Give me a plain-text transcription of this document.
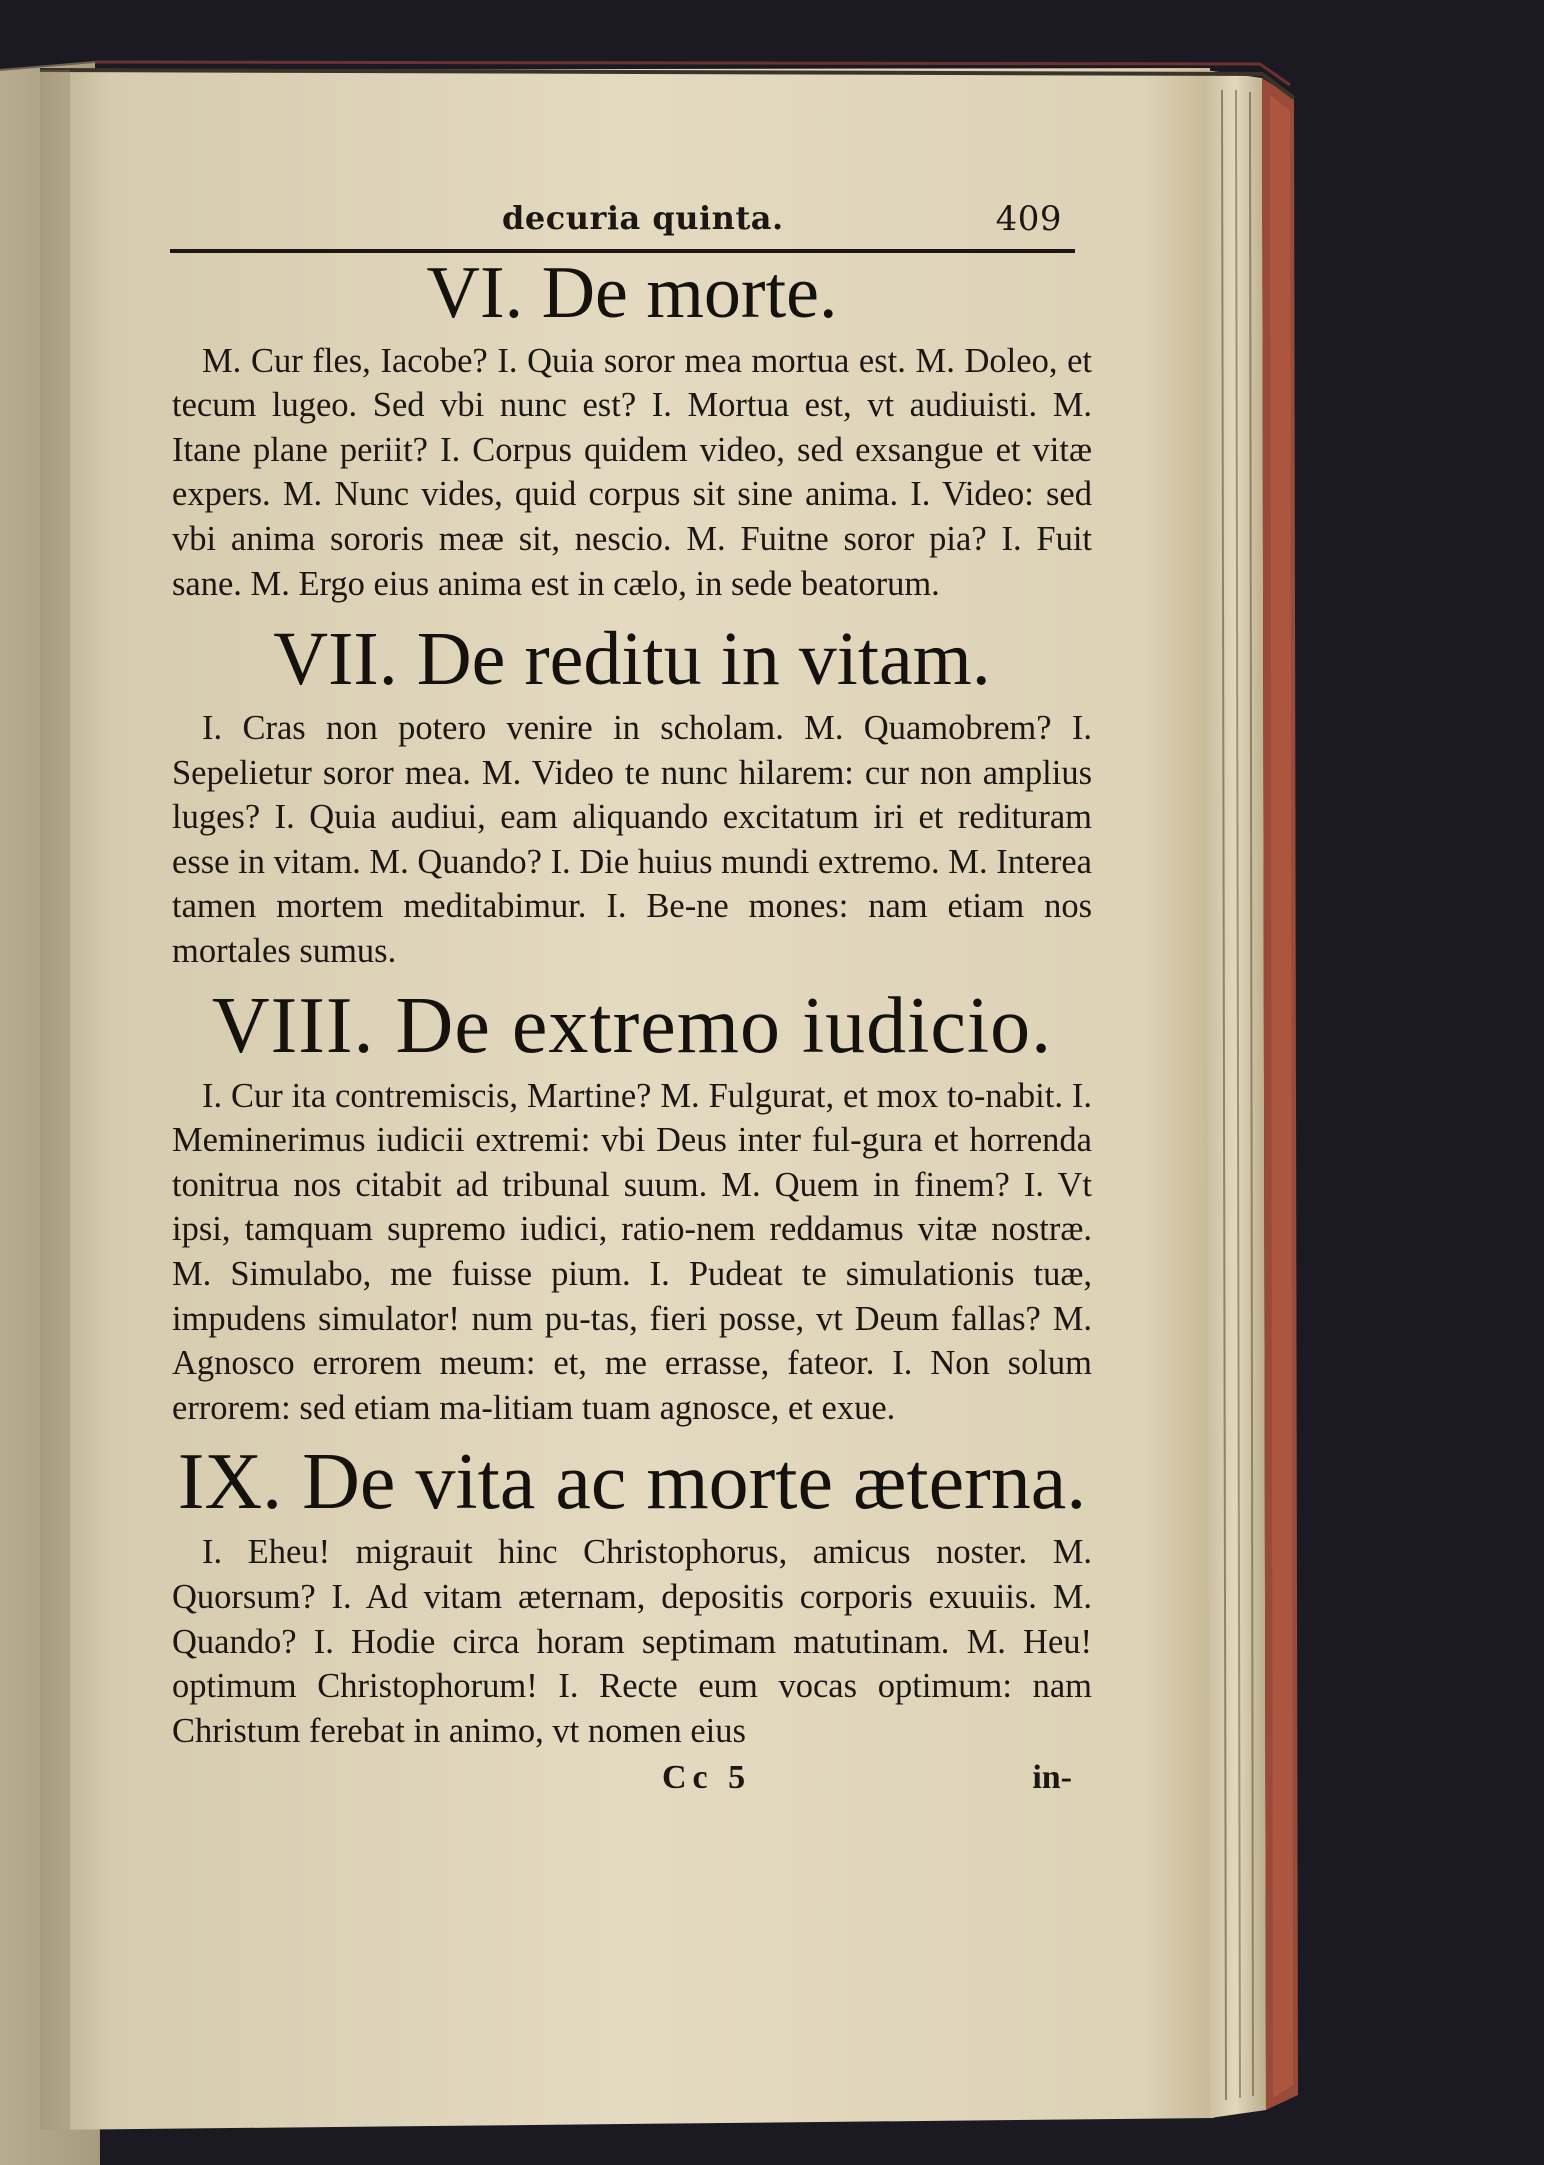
decuria quinta.	409
VI. De morte.

M. Cur fles, Iacobe? I. Quia soror mea mortua est. M. Doleo, et tecum lugeo. Sed vbi nunc est? I. Mortua est, vt audiuisti. M. Itane plane periit? I. Corpus quidem video, sed exsangue et vitæ expers. M. Nunc vides, quid corpus sit sine anima. I. Video: sed vbi anima sororis meæ sit, nescio. M. Fuitne soror pia? I. Fuit sane. M. Ergo eius anima est in cælo, in sede beatorum.

VII. De reditu in vitam.

I. Cras non potero venire in scholam. M. Quamobrem? I. Sepelietur soror mea. M. Video te nunc hilarem: cur non amplius luges? I. Quia audiui, eam aliquando excitatum iri et redituram esse in vitam. M. Quando? I. Die huius mundi extremo. M. Interea tamen mortem meditabimur. I. Be-ne mones: nam etiam nos mortales sumus.

VIII. De extremo iudicio.

I. Cur ita contremiscis, Martine? M. Fulgurat, et mox to-nabit. I. Meminerimus iudicii extremi: vbi Deus inter ful-gura et horrenda tonitrua nos citabit ad tribunal suum. M. Quem in finem? I. Vt ipsi, tamquam supremo iudici, ratio-nem reddamus vitæ nostræ. M. Simulabo, me fuisse pium. I. Pudeat te simulationis tuæ, impudens simulator! num pu-tas, fieri posse, vt Deum fallas? M. Agnosco errorem meum: et, me errasse, fateor. I. Non solum errorem: sed etiam ma-litiam tuam agnosce, et exue.

IX. De vita ac morte æterna.

I. Eheu! migrauit hinc Christophorus, amicus noster. M. Quorsum? I. Ad vitam æternam, depositis corporis exuuiis. M. Quando? I. Hodie circa horam septimam matutinam. M. Heu! optimum Christophorum! I. Recte eum vocas optimum: nam Christum ferebat in animo, vt nomen eius

Cc 5	in-
